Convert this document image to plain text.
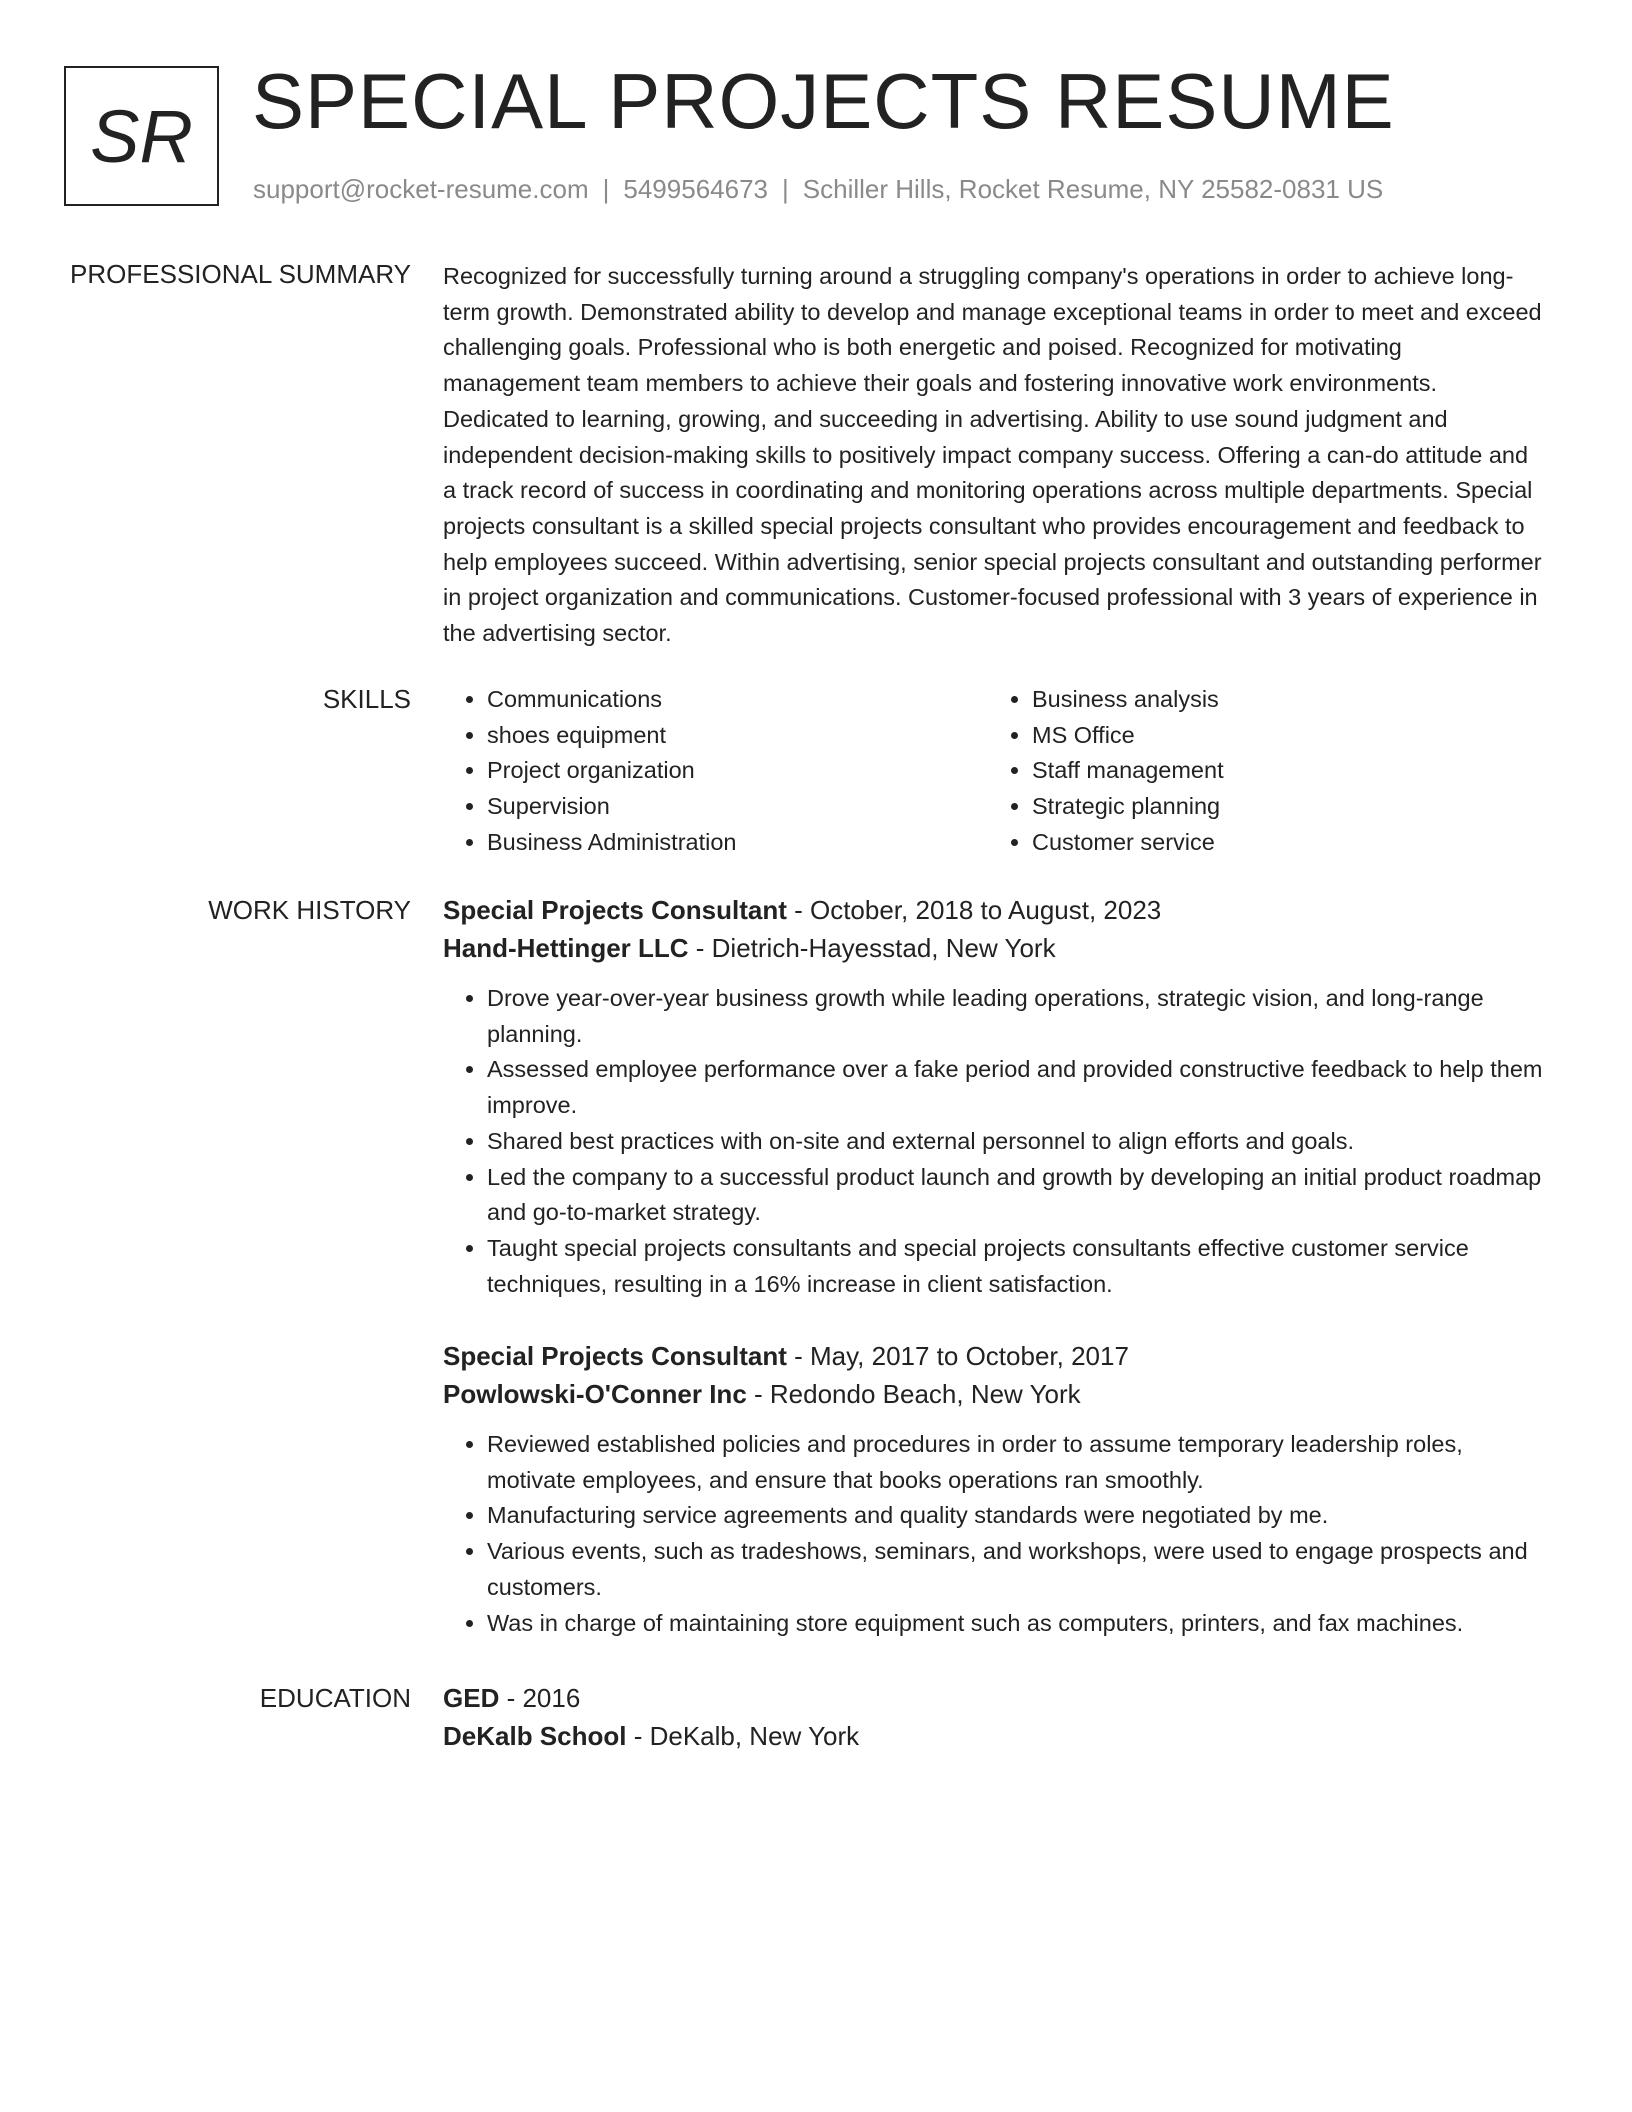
SR SPECIAL PROJECTS RESUME
support@rocket-resume.com | 5499564673 | Schiller Hills, Rocket Resume, NY 25582-0831 US
PROFESSIONAL SUMMARY Recognized for successfully turning around a struggling company's operations in order to achieve long-term growth. Demonstrated ability to develop and manage exceptional teams in order to meet and exceed challenging goals. Professional who is both energetic and poised. Recognized for motivating management team members to achieve their goals and fostering innovative work environments. Dedicated to learning, growing, and succeeding in advertising. Ability to use sound judgment and independent decision-making skills to positively impact company success. Offering a can-do attitude and a track record of success in coordinating and monitoring operations across multiple departments. Special projects consultant is a skilled special projects consultant who provides encouragement and feedback to help employees succeed. Within advertising, senior special projects consultant and outstanding performer in project organization and communications. Customer-focused professional with 3 years of experience in the advertising sector.

SKILLS
•	Communications
• shoes equipment
• Project organization
• Supervision
• Business Administration
• Business analysis
• MS Office
• Staff management
• Strategic planning
• Customer service
WORK HISTORY Special Projects Consultant - October, 2018 to August, 2023
Hand-Hettinger LLC - Dietrich-Hayesstad, New York
• Drove year-over-year business growth while leading operations, strategic vision, and long-range planning.
• Assessed employee performance over a fake period and provided constructive feedback to help them improve.
• Shared best practices with on-site and external personnel to align efforts and goals.
• Led the company to a successful product launch and growth by developing an initial product roadmap and go-to-market strategy.
• Taught special projects consultants and special projects consultants effective customer service techniques, resulting in a 16% increase in client satisfaction.
Special Projects Consultant - May, 2017 to October, 2017
Powlowski-O'Conner Inc - Redondo Beach, New York
• Reviewed established policies and procedures in order to assume temporary leadership roles, motivate employees, and ensure that books operations ran smoothly.
• Manufacturing service agreements and quality standards were negotiated by me.
• Various events, such as tradeshows, seminars, and workshops, were used to engage prospects and customers.
• Was in charge of maintaining store equipment such as computers, printers, and fax machines.
EDUCATION GED - 2016
DeKalb School - DeKalb, New York
